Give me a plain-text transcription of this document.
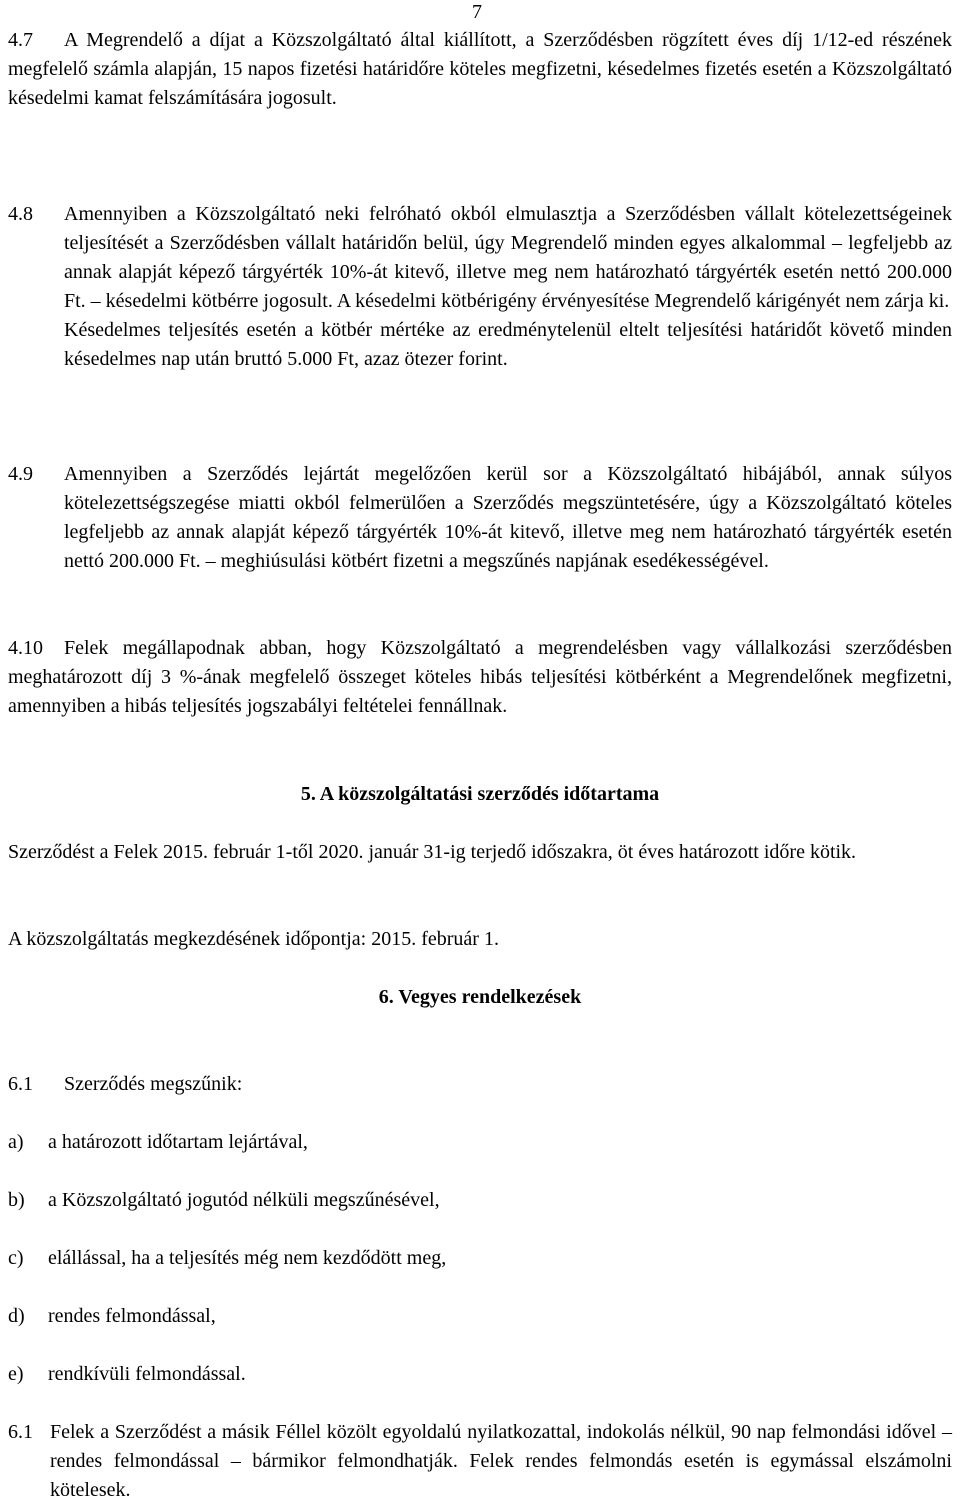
7
4.7	A Megrendelő a díjat a Közszolgáltató által kiállított, a Szerződésben rögzített éves díj 1/12-ed részének megfelelő számla alapján, 15 napos fizetési határidőre köteles megfizetni, késedelmes fizetés esetén a Közszolgáltató késedelmi kamat felszámítására jogosult.
4.8 Amennyiben a Közszolgáltató neki felróható okból elmulasztja a Szerződésben vállalt kötelezettségeinek teljesítését a Szerződésben vállalt határidőn belül, úgy Megrendelő minden egyes alkalommal – legfeljebb az annak alapját képező tárgyérték 10%-át kitevő, illetve meg nem határozható tárgyérték esetén nettó 200.000 Ft. – késedelmi kötbérre jogosult. A késedelmi kötbérigény érvényesítése Megrendelő kárigényét nem zárja ki.
Késedelmes teljesítés esetén a kötbér mértéke az eredménytelenül eltelt teljesítési határidőt követő minden késedelmes nap után bruttó 5.000 Ft, azaz ötezer forint.
4.9 Amennyiben a Szerződés lejártát megelőzően kerül sor a Közszolgáltató hibájából, annak súlyos kötelezettségszegése miatti okból felmerülően a Szerződés megszüntetésére, úgy a Közszolgáltató köteles legfeljebb az annak alapját képező tárgyérték 10%-át kitevő, illetve meg nem határozható tárgyérték esetén nettó 200.000 Ft. – meghiúsulási kötbért fizetni a megszűnés napjának esedékességével.
4.10	Felek megállapodnak abban, hogy Közszolgáltató a megrendelésben vagy vállalkozási szerződésben meghatározott díj 3 %-ának megfelelő összeget köteles hibás teljesítési kötbérként a Megrendelőnek megfizetni, amennyiben a hibás teljesítés jogszabályi feltételei fennállnak.
5. A közszolgáltatási szerződés időtartama
Szerződést a Felek 2015. február 1-től 2020. január 31-ig terjedő időszakra, öt éves határozott időre kötik.
A közszolgáltatás megkezdésének időpontja: 2015. február 1.
6. Vegyes rendelkezések
6.1 Szerződés megszűnik:
a) a határozott időtartam lejártával,
b) a Közszolgáltató jogutód nélküli megszűnésével,
c) elállással, ha a teljesítés még nem kezdődött meg,
d) rendes felmondással,
e) rendkívüli felmondással.
6.1 Felek a Szerződést a másik Féllel közölt egyoldalú nyilatkozattal, indokolás nélkül, 90 nap felmondási idővel – rendes felmondással – bármikor felmondhatják. Felek rendes felmondás esetén is egymással elszámolni kötelesek.
